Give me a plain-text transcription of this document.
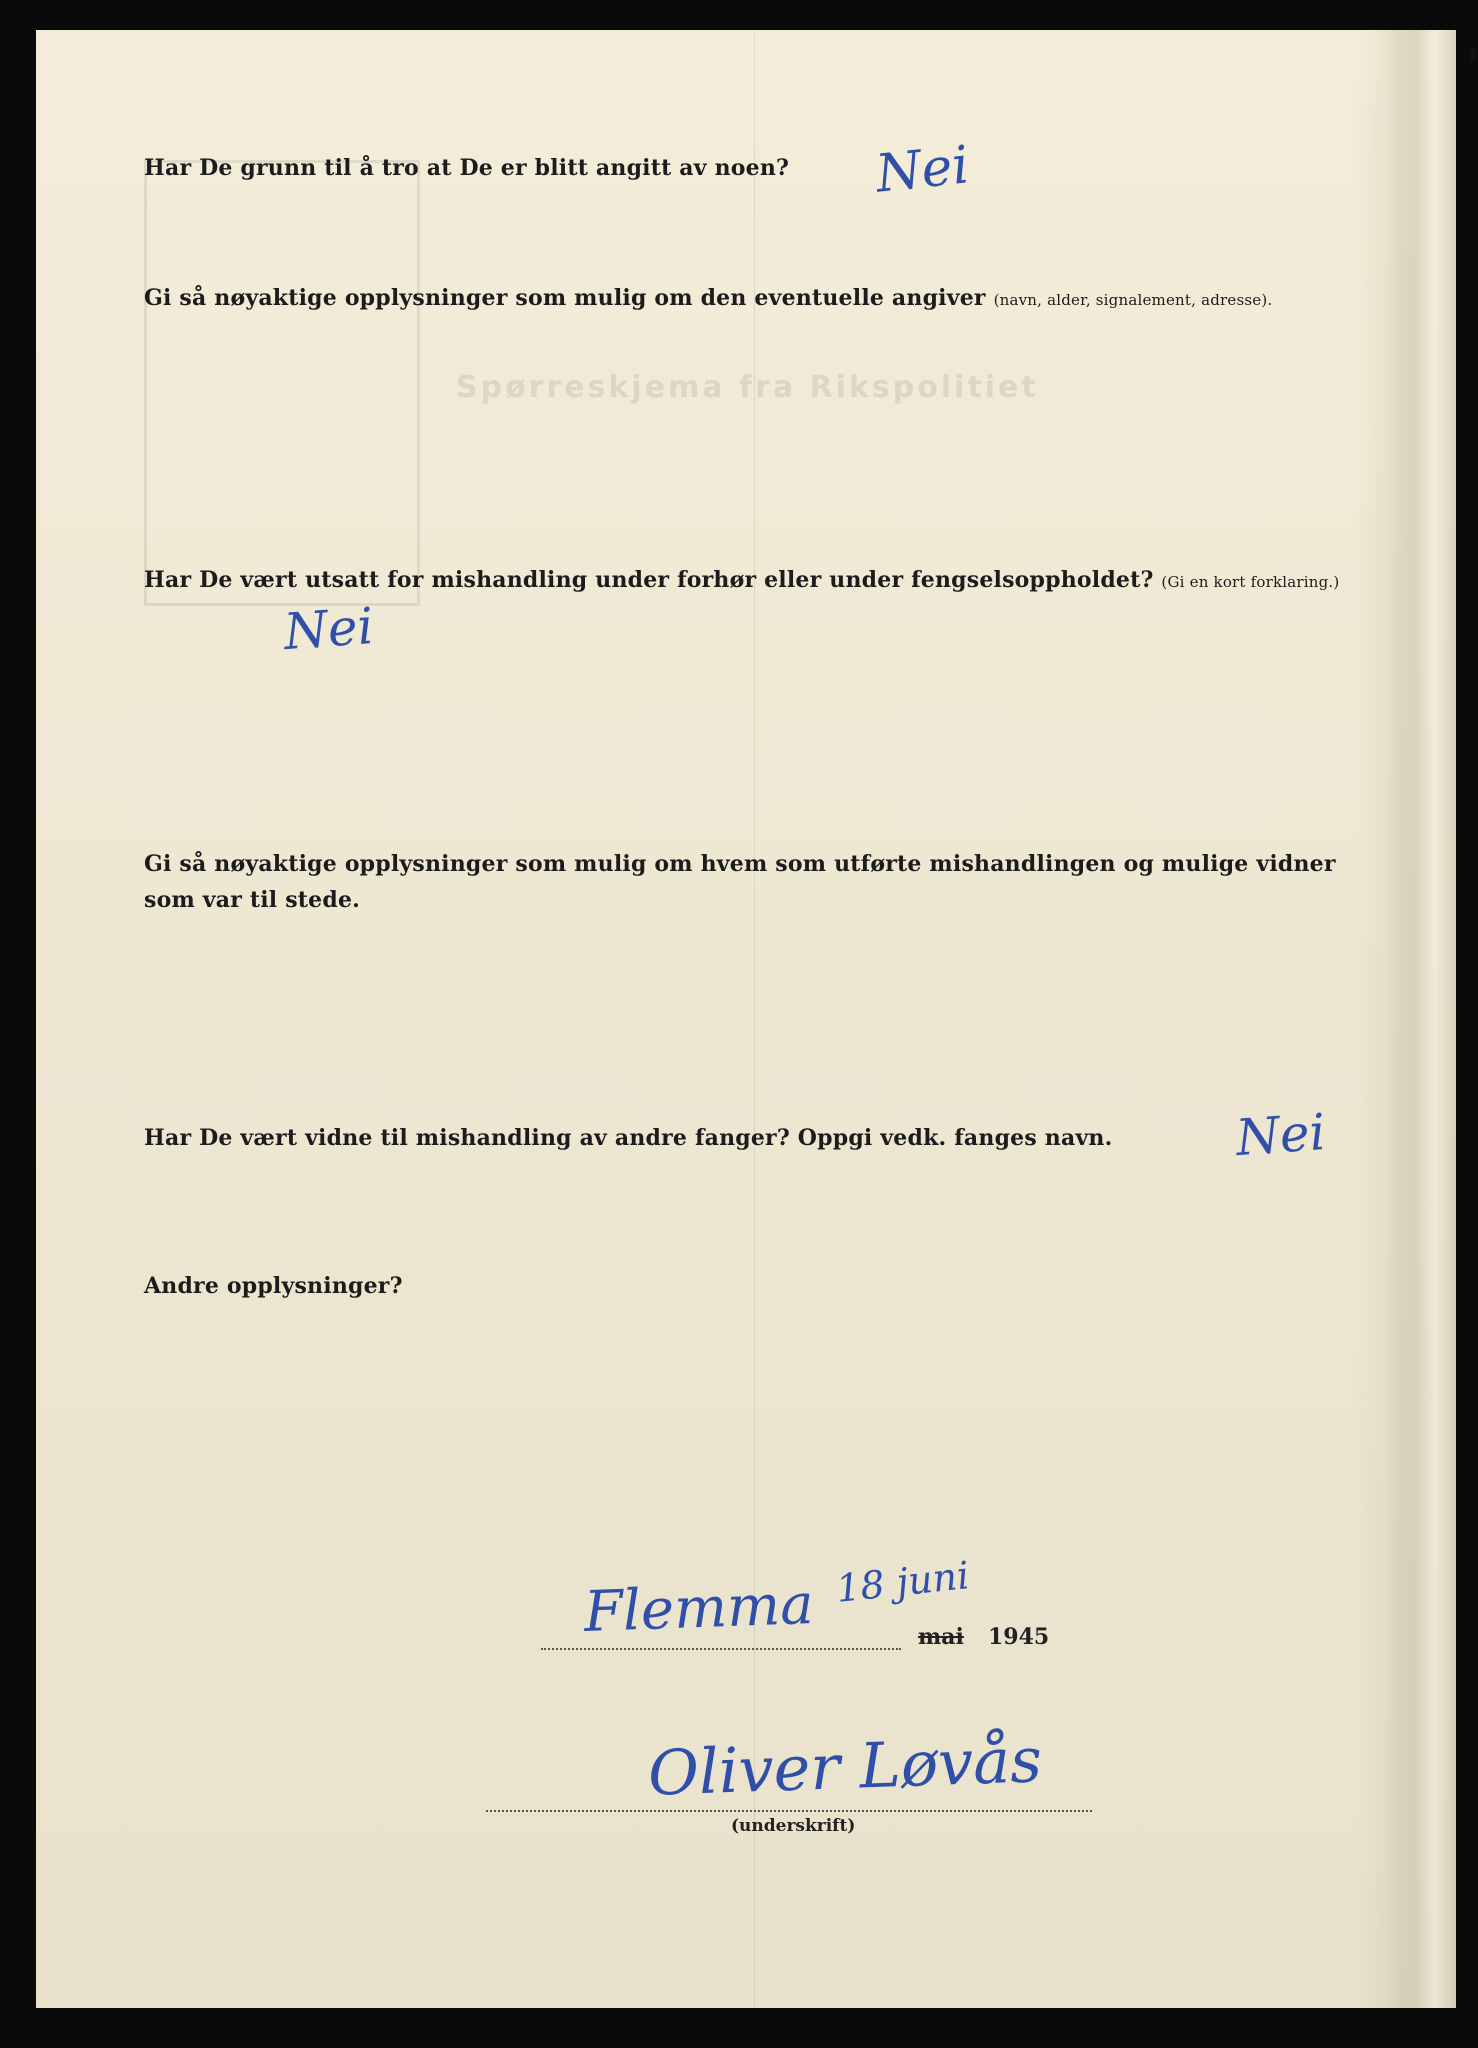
Spørreskjema fra Rikspolitiet
Har De grunn til å tro at De er blitt angitt av noen? Nei
Gi så nøyaktige opplysninger som mulig om den eventuelle angiver (navn, alder, signalement, adresse).
Har De vært utsatt for mishandling under forhør eller under fengselsoppholdet? (Gi en kort forklaring.)
Nei
Gi så nøyaktige opplysninger som mulig om hvem som utførte mishandlingen og mulige vidner
som var til stede.
Har De vært vidne til mishandling av andre fanger? Oppgi vedk. fanges navn. Nei
Andre opplysninger?
Flemma 18 juni
mai 1945
Oliver Løvås
(underskrift)
